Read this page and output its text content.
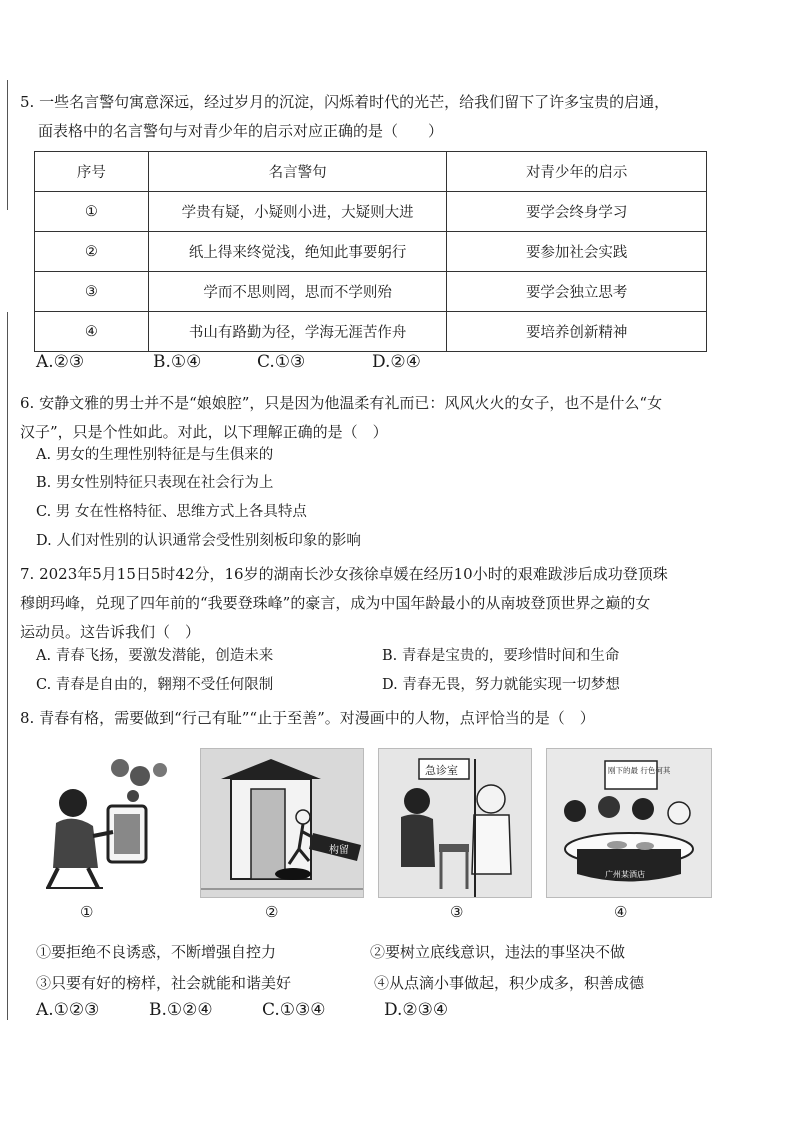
5. 一些名言警句寓意深远，经过岁月的沉淀，闪烁着时代的光芒，给我们留下了许多宝贵的启通，
面表格中的名言警句与对青少年的启示对应正确的是（　　）
序号	名言警句	对青少年的启示
①	学贵有疑，小疑则小进，大疑则大进	要学会终身学习
②	纸上得来终觉浅，绝知此事要躬行	要参加社会实践
③	学而不思则罔，思而不学则殆	要学会独立思考
④	书山有路勤为径，学海无涯苦作舟	要培养创新精神
A.②③	B.①④	C.①③	D.②④
6. 安静文雅的男士并不是“娘娘腔”，只是因为他温柔有礼而已：风风火火的女子，也不是什么“女
汉子”，只是个性如此。对此，以下理解正确的是（　）
A. 男女的生理性别特征是与生俱来的
B. 男女性别特征只表现在社会行为上
C. 男 女在性格特征、思维方式上各具特点
D. 人们对性别的认识通常会受性别刻板印象的影响
7. 2023年5月15日5时42分，16岁的湖南长沙女孩徐卓媛在经历10小时的艰难跋涉后成功登顶珠
穆朗玛峰，兑现了四年前的“我要登珠峰”的豪言，成为中国年龄最小的从南坡登顶世界之巅的女
运动员。这告诉我们（　）
A. 青春飞扬，要激发潜能，创造未来	B. 青春是宝贵的，要珍惜时间和生命
C. 青春是自由的，翱翔不受任何限制	D. 青春无畏，努力就能实现一切梦想
8. 青春有格，需要做到“行己有耻”“止于至善”。对漫画中的人物，点评恰当的是（　）
构留
急诊室	刚下的最 行色何其
广州某酒店
①	②	③	④
①要拒绝不良诱惑，不断增强自控力	②要树立底线意识，违法的事坚决不做
③只要有好的榜样，社会就能和谐美好	④从点滴小事做起，积少成多，积善成德
A.①②③	B.①②④	C.①③④	D.②③④
